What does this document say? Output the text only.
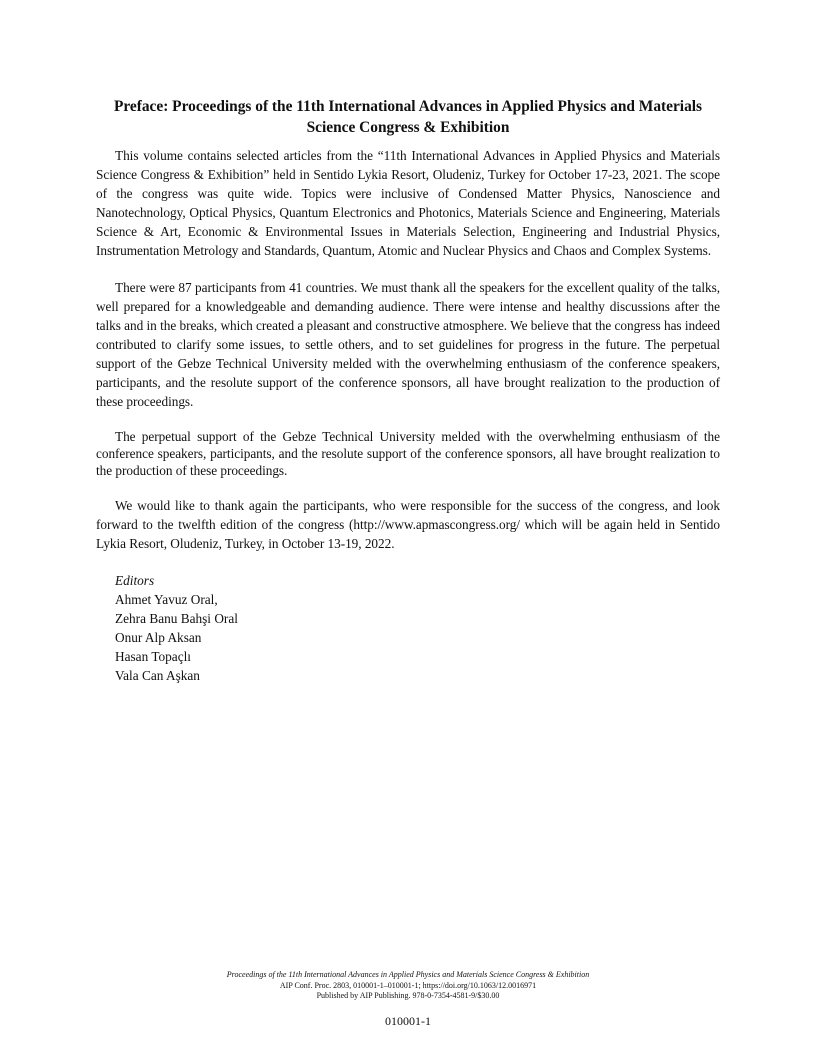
Preface: Proceedings of the 11th International Advances in Applied Physics and Materials Science Congress & Exhibition

This volume contains selected articles from the “11th International Advances in Applied Physics and Materials Science Congress & Exhibition” held in Sentido Lykia Resort, Oludeniz, Turkey for October 17-23, 2021. The scope of the congress was quite wide. Topics were inclusive of Condensed Matter Physics, Nanoscience and Nanotechnology, Optical Physics, Quantum Electronics and Photonics, Materials Science and Engineering, Materials Science & Art, Economic & Environmental Issues in Materials Selection, Engineering and Industrial Physics, Instrumentation Metrology and Standards, Quantum, Atomic and Nuclear Physics and Chaos and Complex Systems.

There were 87 participants from 41 countries. We must thank all the speakers for the excellent quality of the talks, well prepared for a knowledgeable and demanding audience. There were intense and healthy discussions after the talks and in the breaks, which created a pleasant and constructive atmosphere. We believe that the congress has indeed contributed to clarify some issues, to settle others, and to set guidelines for progress in the future. The perpetual support of the Gebze Technical University melded with the overwhelming enthusiasm of the conference speakers, participants, and the resolute support of the conference sponsors, all have brought realization to the production of these proceedings.

The perpetual support of the Gebze Technical University melded with the overwhelming enthusiasm of the conference speakers, participants, and the resolute support of the conference sponsors, all have brought realization to the production of these proceedings.

We would like to thank again the participants, who were responsible for the success of the congress, and look forward to the twelfth edition of the congress (http://www.apmascongress.org/ which will be again held in Sentido Lykia Resort, Oludeniz, Turkey, in October 13-19, 2022.

Editors
Ahmet Yavuz Oral,
Zehra Banu Bahşi Oral
Onur Alp Aksan
Hasan Topaçlı
Vala Can Aşkan
Proceedings of the 11th International Advances in Applied Physics and Materials Science Congress & Exhibition
AIP Conf. Proc. 2803, 010001-1–010001-1; https://doi.org/10.1063/12.0016971
Published by AIP Publishing. 978-0-7354-4581-9/$30.00
010001-1
